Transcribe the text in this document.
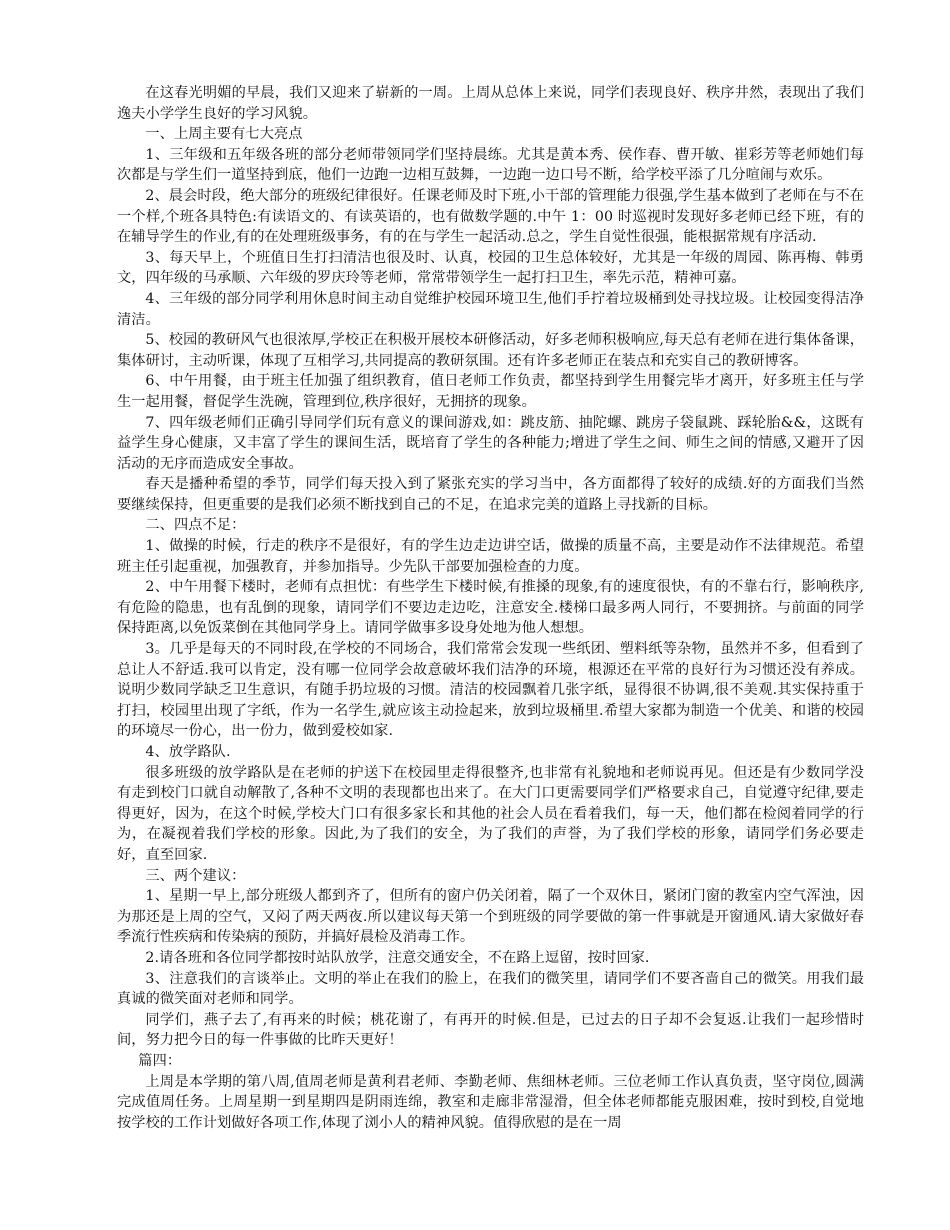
在这春光明媚的早晨，我们又迎来了崭新的一周。上周从总体上来说，同学们表现良好、秩序井然，表现出了我们逸夫小学学生良好的学习风貌。

一、上周主要有七大亮点

1、三年级和五年级各班的部分老师带领同学们坚持晨练。尤其是黄本秀、侯作春、曹开敏、崔彩芳等老师她们每次都是与学生们一道坚持到底，他们一边跑一边相互鼓舞，一边跑一边口号不断，给学校平添了几分喧闹与欢乐。

2、晨会时段，绝大部分的班级纪律很好。任课老师及时下班,小干部的管理能力很强,学生基本做到了老师在与不在一个样,个班各具特色:有读语文的、有读英语的，也有做数学题的.中午 1：00 时巡视时发现好多老师已经下班，有的在辅导学生的作业,有的在处理班级事务，有的在与学生一起活动.总之，学生自觉性很强，能根据常规有序活动.

3、每天早上，个班值日生打扫清洁也很及时、认真，校园的卫生总体较好，尤其是一年级的周园、陈再梅、韩勇文，四年级的马承顺、六年级的罗庆玲等老师，常常带领学生一起打扫卫生，率先示范，精神可嘉。

4、三年级的部分同学利用休息时间主动自觉维护校园环境卫生,他们手拧着垃圾桶到处寻找垃圾。让校园变得洁净清洁。

5、校园的教研风气也很浓厚,学校正在积极开展校本研修活动，好多老师积极响应,每天总有老师在进行集体备课，集体研讨，主动听课，体现了互相学习,共同提高的教研氛围。还有许多老师正在装点和充实自己的教研博客。

6、中午用餐，由于班主任加强了组织教育，值日老师工作负责，都坚持到学生用餐完毕才离开，好多班主任与学生一起用餐，督促学生洗碗，管理到位,秩序很好，无拥挤的现象。

7、四年级老师们正确引导同学们玩有意义的课间游戏,如：跳皮筋、抽陀螺、跳房子袋鼠跳、踩轮胎&&，这既有益学生身心健康，又丰富了学生的课间生活，既培育了学生的各种能力;增进了学生之间、师生之间的情感,又避开了因活动的无序而造成安全事故。

春天是播种希望的季节，同学们每天投入到了紧张充实的学习当中，各方面都得了较好的成绩.好的方面我们当然要继续保持，但更重要的是我们必须不断找到自己的不足，在追求完美的道路上寻找新的目标。

二、四点不足：

1、做操的时候，行走的秩序不是很好，有的学生边走边讲空话，做操的质量不高，主要是动作不法律规范。希望班主任引起重视，加强教育，并参加指导。少先队干部要加强检查的力度。

2、中午用餐下楼时，老师有点担忧：有些学生下楼时候,有推搡的现象,有的速度很快，有的不靠右行，影响秩序,有危险的隐患，也有乱倒的现象，请同学们不要边走边吃，注意安全.楼梯口最多两人同行，不要拥挤。与前面的同学保持距离,以免饭菜倒在其他同学身上。请同学做事多设身处地为他人想想。

3。几乎是每天的不同时段,在学校的不同场合，我们常常会发现一些纸团、塑料纸等杂物，虽然并不多，但看到了总让人不舒适.我可以肯定，没有哪一位同学会故意破坏我们洁净的环境，根源还在平常的良好行为习惯还没有养成。说明少数同学缺乏卫生意识，有随手扔垃圾的习惯。清洁的校园飘着几张字纸，显得很不协调,很不美观.其实保持重于打扫，校园里出现了字纸，作为一名学生,就应该主动捡起来，放到垃圾桶里.希望大家都为制造一个优美、和谐的校园的环境尽一份心，出一份力，做到爱校如家.

4、放学路队.

很多班级的放学路队是在老师的护送下在校园里走得很整齐,也非常有礼貌地和老师说再见。但还是有少数同学没有走到校门口就自动解散了,各种不文明的表现都也出来了。在大门口更需要同学们严格要求自己，自觉遵守纪律,要走得更好，因为，在这个时候,学校大门口有很多家长和其他的社会人员在看着我们，每一天，他们都在检阅着同学的行为，在凝视着我们学校的形象。因此,为了我们的安全，为了我们的声誉，为了我们学校的形象，请同学们务必要走好，直至回家.

三、两个建议：

1、星期一早上,部分班级人都到齐了，但所有的窗户仍关闭着，隔了一个双休日，紧闭门窗的教室内空气浑浊，因为那还是上周的空气，又闷了两天两夜.所以建议每天第一个到班级的同学要做的第一件事就是开窗通风.请大家做好春季流行性疾病和传染病的预防，并搞好晨检及消毒工作。

2.请各班和各位同学都按时站队放学，注意交通安全，不在路上逗留，按时回家.

3、注意我们的言谈举止。文明的举止在我们的脸上，在我们的微笑里，请同学们不要吝啬自己的微笑。用我们最真诚的微笑面对老师和同学。

同学们，燕子去了,有再来的时候；桃花谢了，有再开的时候.但是，已过去的日子却不会复返.让我们一起珍惜时间，努力把今日的每一件事做的比昨天更好！

篇四：

上周是本学期的第八周,值周老师是黄利君老师、李勤老师、焦细林老师。三位老师工作认真负责，坚守岗位,圆满完成值周任务。上周星期一到星期四是阴雨连绵，教室和走廊非常湿滑，但全体老师都能克服困难，按时到校,自觉地按学校的工作计划做好各项工作,体现了浏小人的精神风貌。值得欣慰的是在一周
